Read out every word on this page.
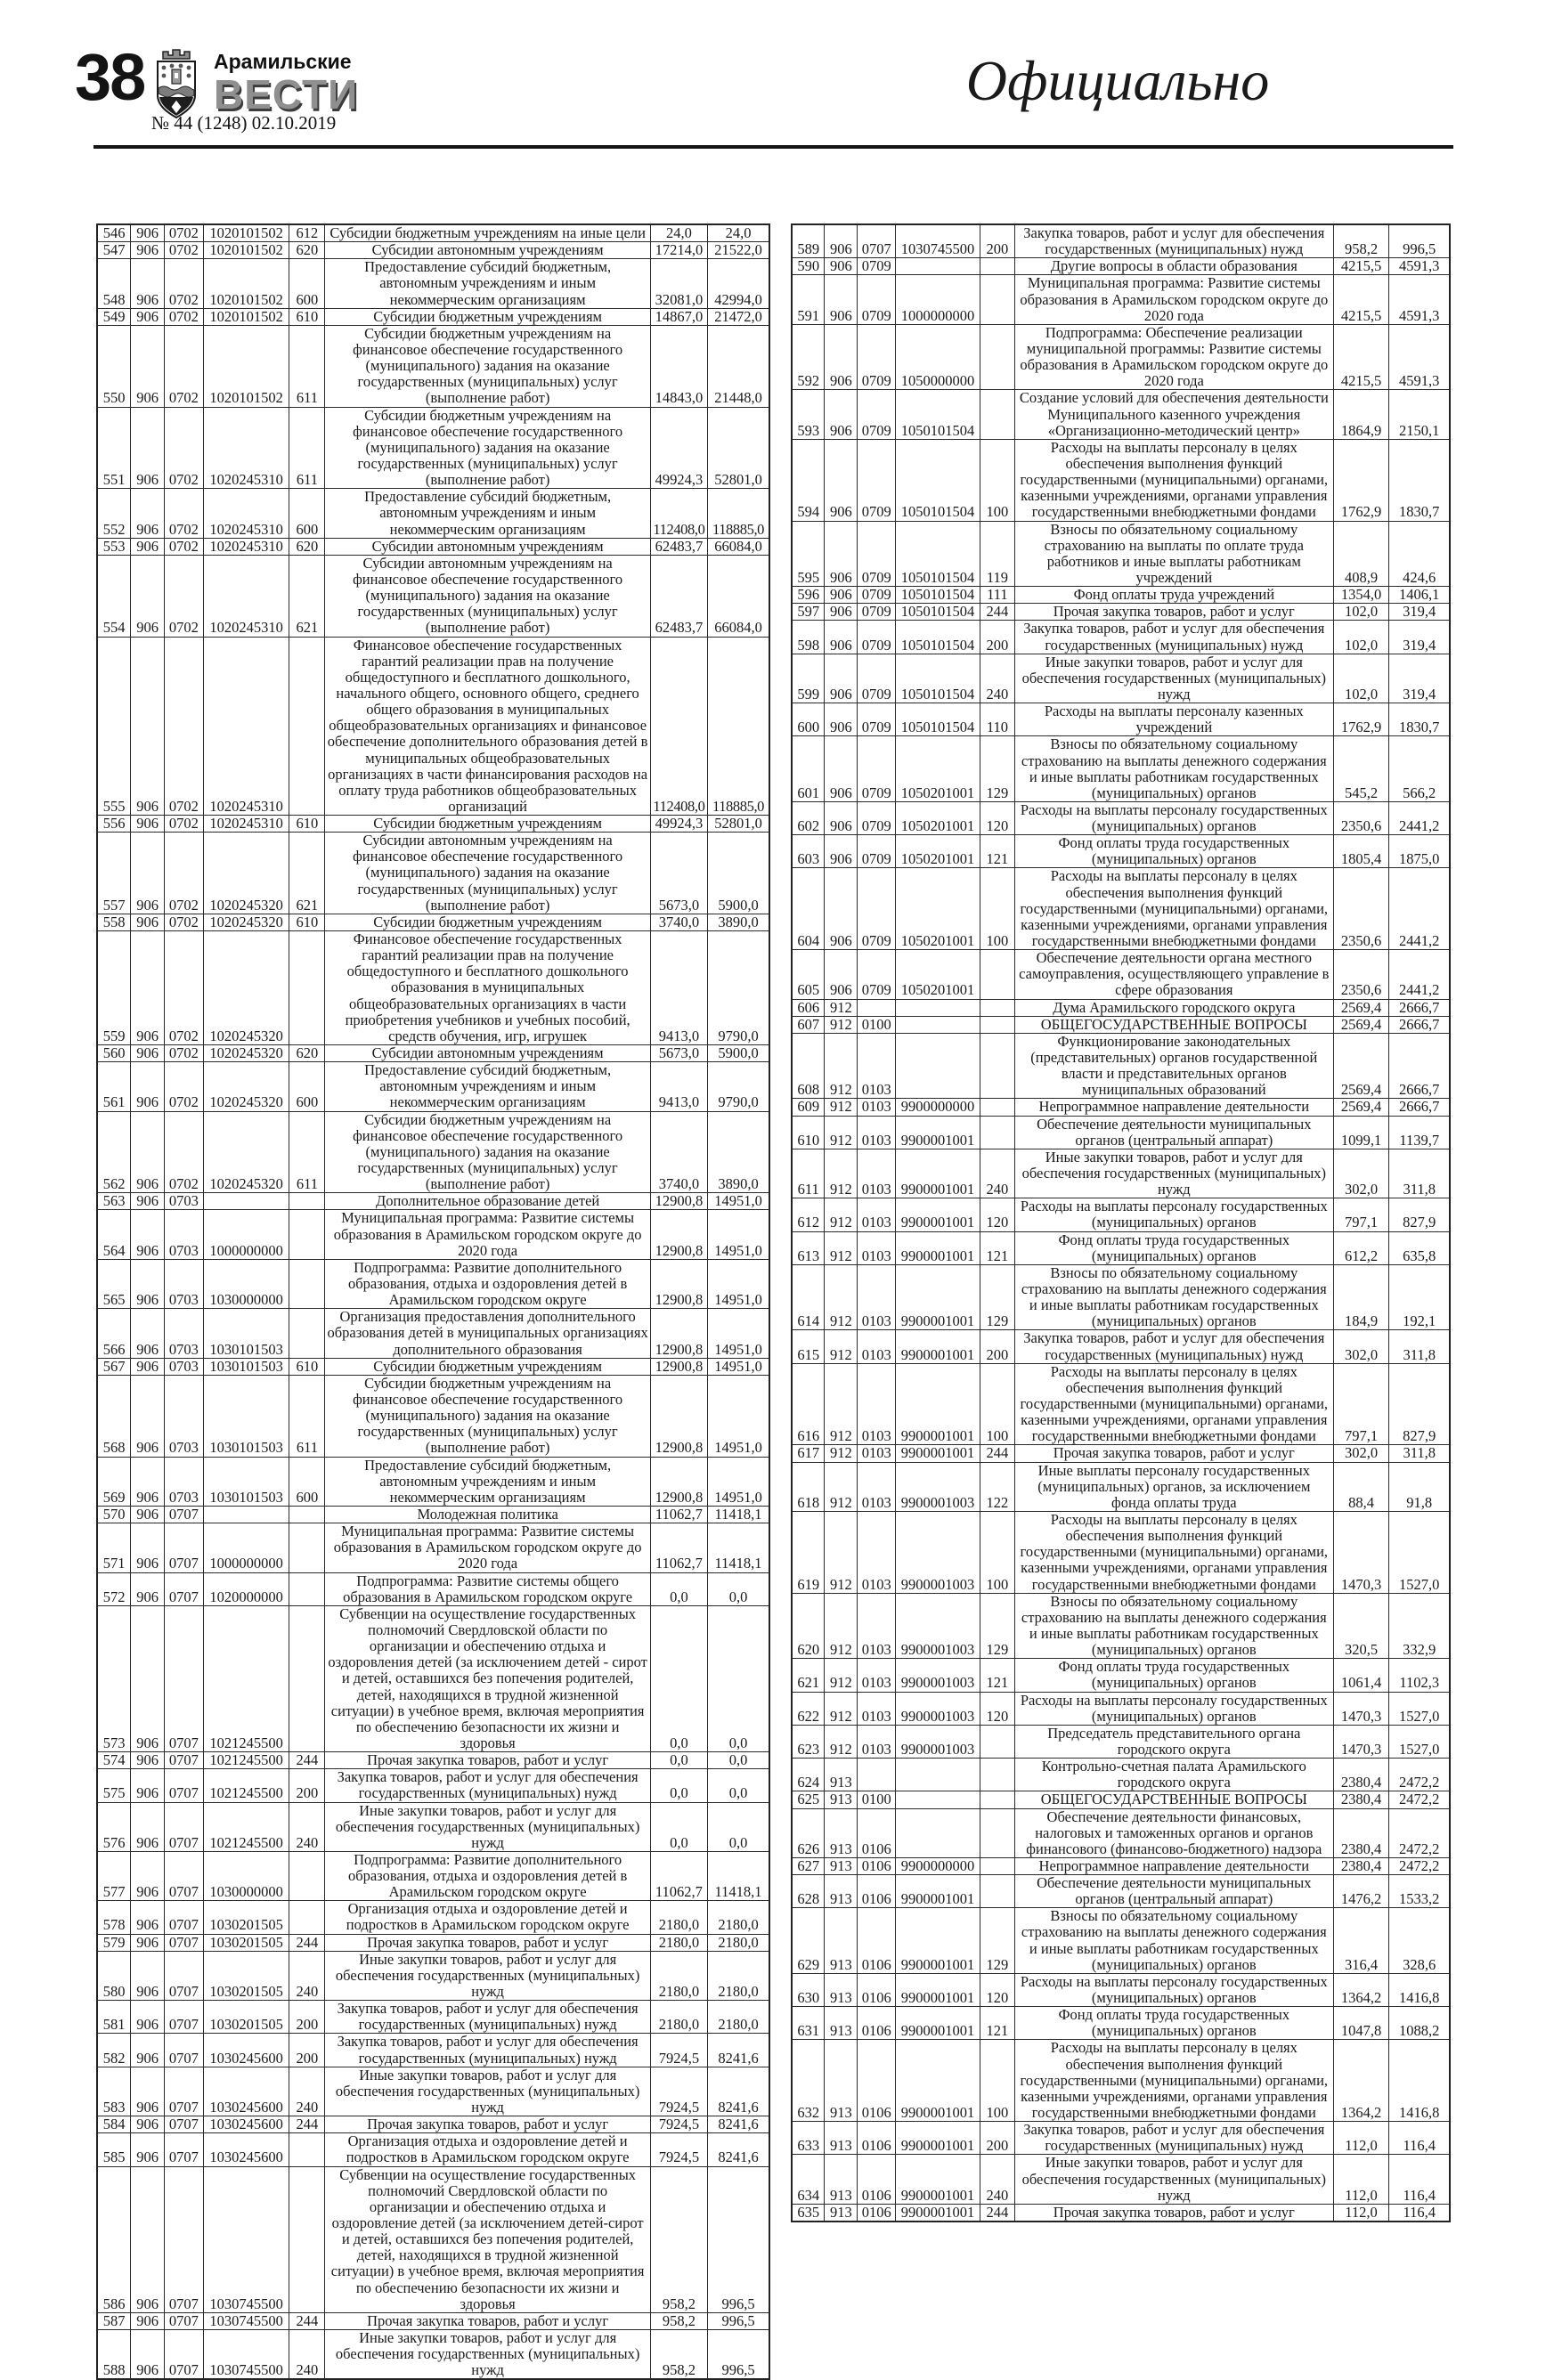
38	Арамильские
ВЕСТИ
№ 44 (1248) 02.10.2019
Официально
546	906	0702	1020101502	612	Субсидии бюджетным учреждениям на иные цели	24,0	24,0
547	906	0702	1020101502	620	Субсидии автономным учреждениям	17214,0	21522,0
548	906	0702	1020101502	600	Предоставление субсидий бюджетным, автономным учреждениям и иным некоммерческим организациям	32081,0	42994,0
549	906	0702	1020101502	610	Субсидии бюджетным учреждениям	14867,0	21472,0
550	906	0702	1020101502	611	Субсидии бюджетным учреждениям на финансовое обеспечение государственного (муниципального) задания на оказание государственных (муниципальных) услуг (выполнение работ)	14843,0	21448,0
551	906	0702	1020245310	611	Субсидии бюджетным учреждениям на финансовое обеспечение государственного (муниципального) задания на оказание государственных (муниципальных) услуг (выполнение работ)	49924,3	52801,0
552	906	0702	1020245310	600	Предоставление субсидий бюджетным, автономным учреждениям и иным некоммерческим организациям	112408,0	118885,0
553	906	0702	1020245310	620	Субсидии автономным учреждениям	62483,7	66084,0
554	906	0702	1020245310	621	Субсидии автономным учреждениям на финансовое обеспечение государственного (муниципального) задания на оказание государственных (муниципальных) услуг (выполнение работ)	62483,7	66084,0
555	906	0702	1020245310		Финансовое обеспечение государственных гарантий реализации прав на получение общедоступного и бесплатного дошкольного, начального общего, основного общего, среднего общего образования в муниципальных общеобразовательных организациях и финансовое обеспечение дополнительного образования детей в муниципальных общеобразовательных организациях в части финансирования расходов на оплату труда работников общеобразовательных организаций	112408,0	118885,0
556	906	0702	1020245310	610	Субсидии бюджетным учреждениям	49924,3	52801,0
557	906	0702	1020245320	621	Субсидии автономным учреждениям на финансовое обеспечение государственного (муниципального) задания на оказание государственных (муниципальных) услуг (выполнение работ)	5673,0	5900,0
558	906	0702	1020245320	610	Субсидии бюджетным учреждениям	3740,0	3890,0
559	906	0702	1020245320		Финансовое обеспечение государственных гарантий реализации прав на получение общедоступного и бесплатного дошкольного образования в муниципальных общеобразовательных организациях в части приобретения учебников и учебных пособий, средств обучения, игр, игрушек	9413,0	9790,0
560	906	0702	1020245320	620	Субсидии автономным учреждениям	5673,0	5900,0
561	906	0702	1020245320	600	Предоставление субсидий бюджетным, автономным учреждениям и иным некоммерческим организациям	9413,0	9790,0
562	906	0702	1020245320	611	Субсидии бюджетным учреждениям на финансовое обеспечение государственного (муниципального) задания на оказание государственных (муниципальных) услуг (выполнение работ)	3740,0	3890,0
563	906	0703			Дополнительное образование детей	12900,8	14951,0
564	906	0703	1000000000		Муниципальная программа: Развитие системы образования в Арамильском городском округе до 2020 года	12900,8	14951,0
565	906	0703	1030000000		Подпрограмма: Развитие дополнительного образования, отдыха и оздоровления детей в Арамильском городском округе	12900,8	14951,0
566	906	0703	1030101503		Организация предоставления дополнительного образования детей в муниципальных организациях дополнительного образования	12900,8	14951,0
567	906	0703	1030101503	610	Субсидии бюджетным учреждениям	12900,8	14951,0
568	906	0703	1030101503	611	Субсидии бюджетным учреждениям на финансовое обеспечение государственного (муниципального) задания на оказание государственных (муниципальных) услуг (выполнение работ)	12900,8	14951,0
569	906	0703	1030101503	600	Предоставление субсидий бюджетным, автономным учреждениям и иным некоммерческим организациям	12900,8	14951,0
570	906	0707			Молодежная политика	11062,7	11418,1
571	906	0707	1000000000		Муниципальная программа: Развитие системы образования в Арамильском городском округе до 2020 года	11062,7	11418,1
572	906	0707	1020000000		Подпрограмма: Развитие системы общего образования в Арамильском городском округе	0,0	0,0
573	906	0707	1021245500		Субвенции на осуществление государственных полномочий Свердловской области по организации и обеспечению отдыха и оздоровления детей (за исключением детей - сирот и детей, оставшихся без попечения родителей, детей, находящихся в трудной жизненной ситуации) в учебное время, включая мероприятия по обеспечению безопасности их жизни и здоровья	0,0	0,0
574	906	0707	1021245500	244	Прочая закупка товаров, работ и услуг	0,0	0,0
575	906	0707	1021245500	200	Закупка товаров, работ и услуг для обеспечения государственных (муниципальных) нужд	0,0	0,0
576	906	0707	1021245500	240	Иные закупки товаров, работ и услуг для обеспечения государственных (муниципальных) нужд	0,0	0,0
577	906	0707	1030000000		Подпрограмма: Развитие дополнительного образования, отдыха и оздоровления детей в Арамильском городском округе	11062,7	11418,1
578	906	0707	1030201505		Организация отдыха и оздоровление детей и подростков в Арамильском городском округе	2180,0	2180,0
579	906	0707	1030201505	244	Прочая закупка товаров, работ и услуг	2180,0	2180,0
580	906	0707	1030201505	240	Иные закупки товаров, работ и услуг для обеспечения государственных (муниципальных) нужд	2180,0	2180,0
581	906	0707	1030201505	200	Закупка товаров, работ и услуг для обеспечения государственных (муниципальных) нужд	2180,0	2180,0
582	906	0707	1030245600	200	Закупка товаров, работ и услуг для обеспечения государственных (муниципальных) нужд	7924,5	8241,6
583	906	0707	1030245600	240	Иные закупки товаров, работ и услуг для обеспечения государственных (муниципальных) нужд	7924,5	8241,6
584	906	0707	1030245600	244	Прочая закупка товаров, работ и услуг	7924,5	8241,6
585	906	0707	1030245600		Организация отдыха и оздоровление детей и подростков в Арамильском городском округе	7924,5	8241,6
586	906	0707	1030745500		Субвенции на осуществление государственных полномочий Свердловской области по организации и обеспечению отдыха и оздоровление детей (за исключением детей-сирот и детей, оставшихся без попечения родителей, детей, находящихся в трудной жизненной ситуации) в учебное время, включая мероприятия по обеспечению безопасности их жизни и здоровья	958,2	996,5
587	906	0707	1030745500	244	Прочая закупка товаров, работ и услуг	958,2	996,5
588	906	0707	1030745500	240	Иные закупки товаров, работ и услуг для обеспечения государственных (муниципальных) нужд	958,2	996,5
589	906	0707	1030745500	200	Закупка товаров, работ и услуг для обеспечения государственных (муниципальных) нужд	958,2	996,5
590	906	0709			Другие вопросы в области образования	4215,5	4591,3
591	906	0709	1000000000		Муниципальная программа: Развитие системы образования в Арамильском городском округе до 2020 года	4215,5	4591,3
592	906	0709	1050000000		Подпрограмма: Обеспечение реализации муниципальной программы: Развитие системы образования в Арамильском городском округе до 2020 года	4215,5	4591,3
593	906	0709	1050101504		Создание условий для обеспечения деятельности Муниципального казенного учреждения «Организационно-методический центр»	1864,9	2150,1
594	906	0709	1050101504	100	Расходы на выплаты персоналу в целях обеспечения выполнения функций государственными (муниципальными) органами, казенными учреждениями, органами управления государственными внебюджетными фондами	1762,9	1830,7
595	906	0709	1050101504	119	Взносы по обязательному социальному страхованию на выплаты по оплате труда работников и иные выплаты работникам учреждений	408,9	424,6
596	906	0709	1050101504	111	Фонд оплаты труда учреждений	1354,0	1406,1
597	906	0709	1050101504	244	Прочая закупка товаров, работ и услуг	102,0	319,4
598	906	0709	1050101504	200	Закупка товаров, работ и услуг для обеспечения государственных (муниципальных) нужд	102,0	319,4
599	906	0709	1050101504	240	Иные закупки товаров, работ и услуг для обеспечения государственных (муниципальных) нужд	102,0	319,4
600	906	0709	1050101504	110	Расходы на выплаты персоналу казенных учреждений	1762,9	1830,7
601	906	0709	1050201001	129	Взносы по обязательному социальному страхованию на выплаты денежного содержания и иные выплаты работникам государственных (муниципальных) органов	545,2	566,2
602	906	0709	1050201001	120	Расходы на выплаты персоналу государственных (муниципальных) органов	2350,6	2441,2
603	906	0709	1050201001	121	Фонд оплаты труда государственных (муниципальных) органов	1805,4	1875,0
604	906	0709	1050201001	100	Расходы на выплаты персоналу в целях обеспечения выполнения функций государственными (муниципальными) органами, казенными учреждениями, органами управления государственными внебюджетными фондами	2350,6	2441,2
605	906	0709	1050201001		Обеспечение деятельности органа местного самоуправления, осуществляющего управление в сфере образования	2350,6	2441,2
606	912				Дума Арамильского городского округа	2569,4	2666,7
607	912	0100			ОБЩЕГОСУДАРСТВЕННЫЕ ВОПРОСЫ	2569,4	2666,7
608	912	0103			Функционирование законодательных (представительных) органов государственной власти и представительных органов муниципальных образований	2569,4	2666,7
609	912	0103	9900000000		Непрограммное направление деятельности	2569,4	2666,7
610	912	0103	9900001001		Обеспечение деятельности муниципальных органов (центральный аппарат)	1099,1	1139,7
611	912	0103	9900001001	240	Иные закупки товаров, работ и услуг для обеспечения государственных (муниципальных) нужд	302,0	311,8
612	912	0103	9900001001	120	Расходы на выплаты персоналу государственных (муниципальных) органов	797,1	827,9
613	912	0103	9900001001	121	Фонд оплаты труда государственных (муниципальных) органов	612,2	635,8
614	912	0103	9900001001	129	Взносы по обязательному социальному страхованию на выплаты денежного содержания и иные выплаты работникам государственных (муниципальных) органов	184,9	192,1
615	912	0103	9900001001	200	Закупка товаров, работ и услуг для обеспечения государственных (муниципальных) нужд	302,0	311,8
616	912	0103	9900001001	100	Расходы на выплаты персоналу в целях обеспечения выполнения функций государственными (муниципальными) органами, казенными учреждениями, органами управления государственными внебюджетными фондами	797,1	827,9
617	912	0103	9900001001	244	Прочая закупка товаров, работ и услуг	302,0	311,8
618	912	0103	9900001003	122	Иные выплаты персоналу государственных (муниципальных) органов, за исключением фонда оплаты труда	88,4	91,8
619	912	0103	9900001003	100	Расходы на выплаты персоналу в целях обеспечения выполнения функций государственными (муниципальными) органами, казенными учреждениями, органами управления государственными внебюджетными фондами	1470,3	1527,0
620	912	0103	9900001003	129	Взносы по обязательному социальному страхованию на выплаты денежного содержания и иные выплаты работникам государственных (муниципальных) органов	320,5	332,9
621	912	0103	9900001003	121	Фонд оплаты труда государственных (муниципальных) органов	1061,4	1102,3
622	912	0103	9900001003	120	Расходы на выплаты персоналу государственных (муниципальных) органов	1470,3	1527,0
623	912	0103	9900001003		Председатель представительного органа городского округа	1470,3	1527,0
624	913				Контрольно-счетная палата Арамильского городского округа	2380,4	2472,2
625	913	0100			ОБЩЕГОСУДАРСТВЕННЫЕ ВОПРОСЫ	2380,4	2472,2
626	913	0106			Обеспечение деятельности финансовых, налоговых и таможенных органов и органов финансового (финансово-бюджетного) надзора	2380,4	2472,2
627	913	0106	9900000000		Непрограммное направление деятельности	2380,4	2472,2
628	913	0106	9900001001		Обеспечение деятельности муниципальных органов (центральный аппарат)	1476,2	1533,2
629	913	0106	9900001001	129	Взносы по обязательному социальному страхованию на выплаты денежного содержания и иные выплаты работникам государственных (муниципальных) органов	316,4	328,6
630	913	0106	9900001001	120	Расходы на выплаты персоналу государственных (муниципальных) органов	1364,2	1416,8
631	913	0106	9900001001	121	Фонд оплаты труда государственных (муниципальных) органов	1047,8	1088,2
632	913	0106	9900001001	100	Расходы на выплаты персоналу в целях обеспечения выполнения функций государственными (муниципальными) органами, казенными учреждениями, органами управления государственными внебюджетными фондами	1364,2	1416,8
633	913	0106	9900001001	200	Закупка товаров, работ и услуг для обеспечения государственных (муниципальных) нужд	112,0	116,4
634	913	0106	9900001001	240	Иные закупки товаров, работ и услуг для обеспечения государственных (муниципальных) нужд	112,0	116,4
635	913	0106	9900001001	244	Прочая закупка товаров, работ и услуг	112,0	116,4
